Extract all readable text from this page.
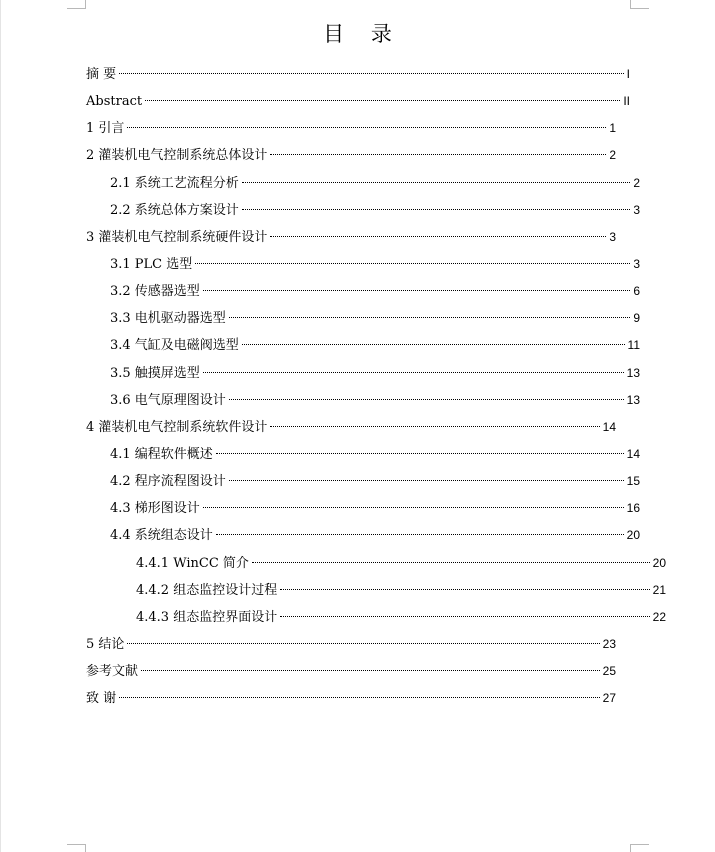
目 录
摘 要	I
Abstract	II
1 引言	1
2 灌装机电气控制系统总体设计	2
2.1 系统工艺流程分析	2
2.2 系统总体方案设计	3
3 灌装机电气控制系统硬件设计	3
3.1 PLC 选型	3
3.2 传感器选型	6
3.3 电机驱动器选型	9
3.4 气缸及电磁阀选型	11
3.5 触摸屏选型	13
3.6 电气原理图设计	13
4 灌装机电气控制系统软件设计	14
4.1 编程软件概述	14
4.2 程序流程图设计	15
4.3 梯形图设计	16
4.4 系统组态设计	20
4.4.1 WinCC 简介	20
4.4.2 组态监控设计过程	21
4.4.3 组态监控界面设计	22
5 结论	23
参考文献	25
致 谢	27
